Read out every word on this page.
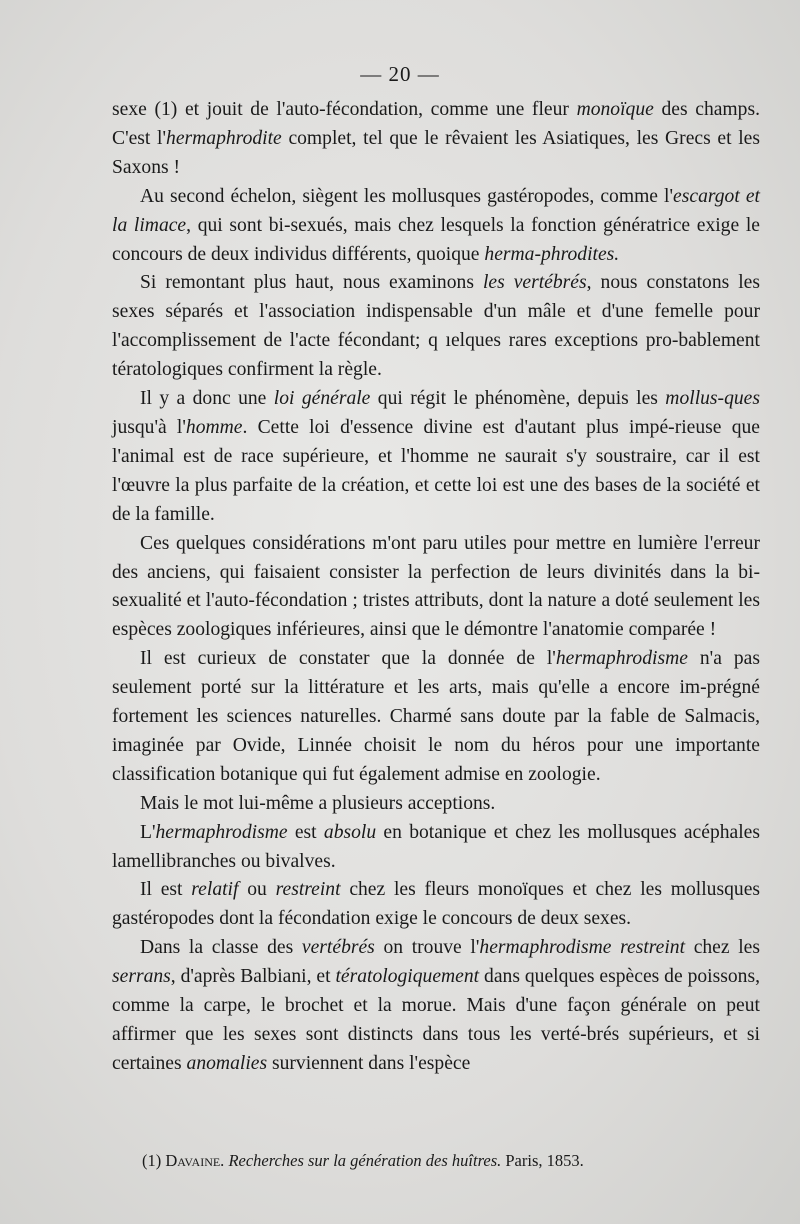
— 20 —

sexe (1) et jouit de l'auto-fécondation, comme une fleur monoïque des champs. C'est l'hermaphrodite complet, tel que le rêvaient les Asiatiques, les Grecs et les Saxons !

Au second échelon, siègent les mollusques gastéropodes, comme l'escargot et la limace, qui sont bi-sexués, mais chez lesquels la fonction génératrice exige le concours de deux individus différents, quoique herma-phrodites.

Si remontant plus haut, nous examinons les vertébrés, nous constatons les sexes séparés et l'association indispensable d'un mâle et d'une femelle pour l'accomplissement de l'acte fécondant; q ıelques rares exceptions pro-bablement tératologiques confirment la règle.

Il y a donc une loi générale qui régit le phénomène, depuis les mollus-ques jusqu'à l'homme. Cette loi d'essence divine est d'autant plus impé-rieuse que l'animal est de race supérieure, et l'homme ne saurait s'y soustraire, car il est l'œuvre la plus parfaite de la création, et cette loi est une des bases de la société et de la famille.

Ces quelques considérations m'ont paru utiles pour mettre en lumière l'erreur des anciens, qui faisaient consister la perfection de leurs divinités dans la bi-sexualité et l'auto-fécondation ; tristes attributs, dont la nature a doté seulement les espèces zoologiques inférieures, ainsi que le démontre l'anatomie comparée !

Il est curieux de constater que la donnée de l'hermaphrodisme n'a pas seulement porté sur la littérature et les arts, mais qu'elle a encore im-prégné fortement les sciences naturelles. Charmé sans doute par la fable de Salmacis, imaginée par Ovide, Linnée choisit le nom du héros pour une importante classification botanique qui fut également admise en zoologie.

Mais le mot lui-même a plusieurs acceptions.

L'hermaphrodisme est absolu en botanique et chez les mollusques acéphales lamellibranches ou bivalves.

Il est relatif ou restreint chez les fleurs monoïques et chez les mollusques gastéropodes dont la fécondation exige le concours de deux sexes.

Dans la classe des vertébrés on trouve l'hermaphrodisme restreint chez les serrans, d'après Balbiani, et tératologiquement dans quelques espèces de poissons, comme la carpe, le brochet et la morue. Mais d'une façon générale on peut affirmer que les sexes sont distincts dans tous les verté-brés supérieurs, et si certaines anomalies surviennent dans l'espèce

(1) Davaine. Recherches sur la génération des huîtres. Paris, 1853.
